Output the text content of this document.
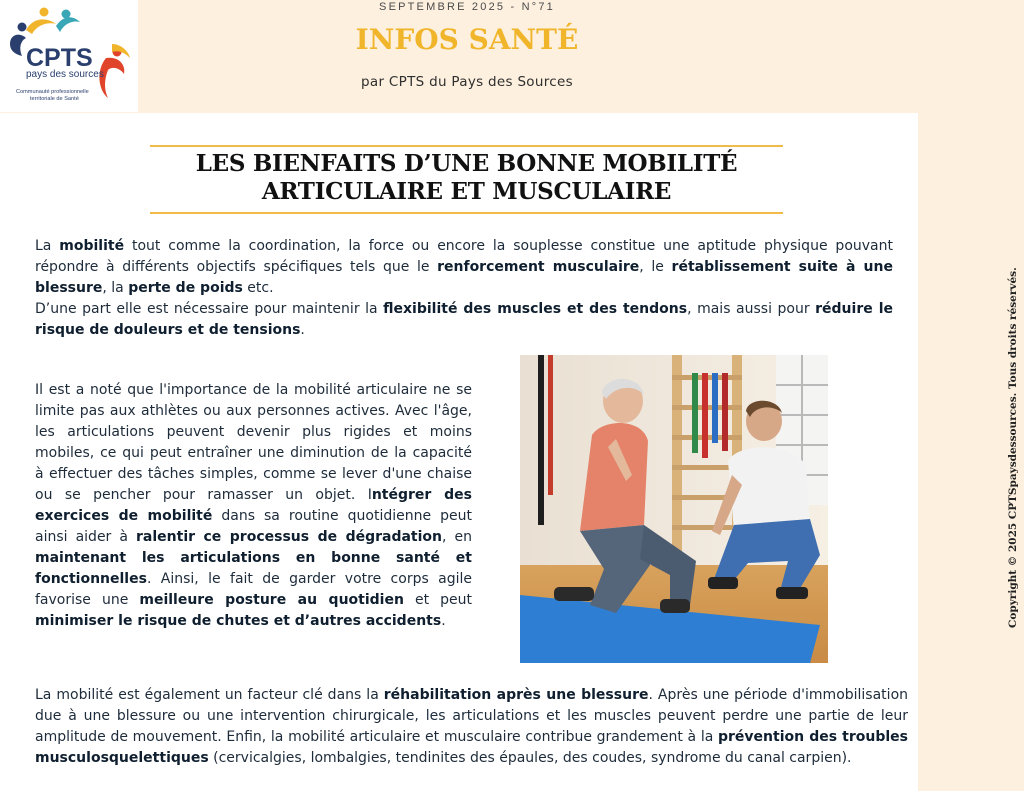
CPTS
pays des sources
Communauté professionnelle
territoriale de Santé
SEPTEMBRE 2025 - N°71
INFOS SANTÉ
par CPTS du Pays des Sources
LES BIENFAITS D’UNE BONNE MOBILITÉ
ARTICULAIRE ET MUSCULAIRE

La mobilité tout comme la coordination, la force ou encore la souplesse constitue une aptitude physique pouvant répondre à différents objectifs spécifiques tels que le renforcement musculaire, le rétablissement suite à une blessure, la perte de poids etc.
D’une part elle est nécessaire pour maintenir la flexibilité des muscles et des tendons, mais aussi pour réduire le risque de douleurs et de tensions.

Il est a noté que l'importance de la mobilité articulaire ne se limite pas aux athlètes ou aux personnes actives. Avec l'âge, les articulations peuvent devenir plus rigides et moins mobiles, ce qui peut entraîner une diminution de la capacité à effectuer des tâches simples, comme se lever d'une chaise ou se pencher pour ramasser un objet. Intégrer des exercices de mobilité dans sa routine quotidienne peut ainsi aider à ralentir ce processus de dégradation, en maintenant les articulations en bonne santé et fonctionnelles. Ainsi, le fait de garder votre corps agile favorise une meilleure posture au quotidien et peut minimiser le risque de chutes et d’autres accidents.

La mobilité est également un facteur clé dans la réhabilitation après une blessure. Après une période d'immobilisation due à une blessure ou une intervention chirurgicale, les articulations et les muscles peuvent perdre une partie de leur amplitude de mouvement. Enfin, la mobilité articulaire et musculaire contribue grandement à la prévention des troubles musculosquelettiques (cervicalgies, lombalgies, tendinites des épaules, des coudes, syndrome du canal carpien).

Copyright © 2025 CPTSpaysdessources. Tous droits réservés.
